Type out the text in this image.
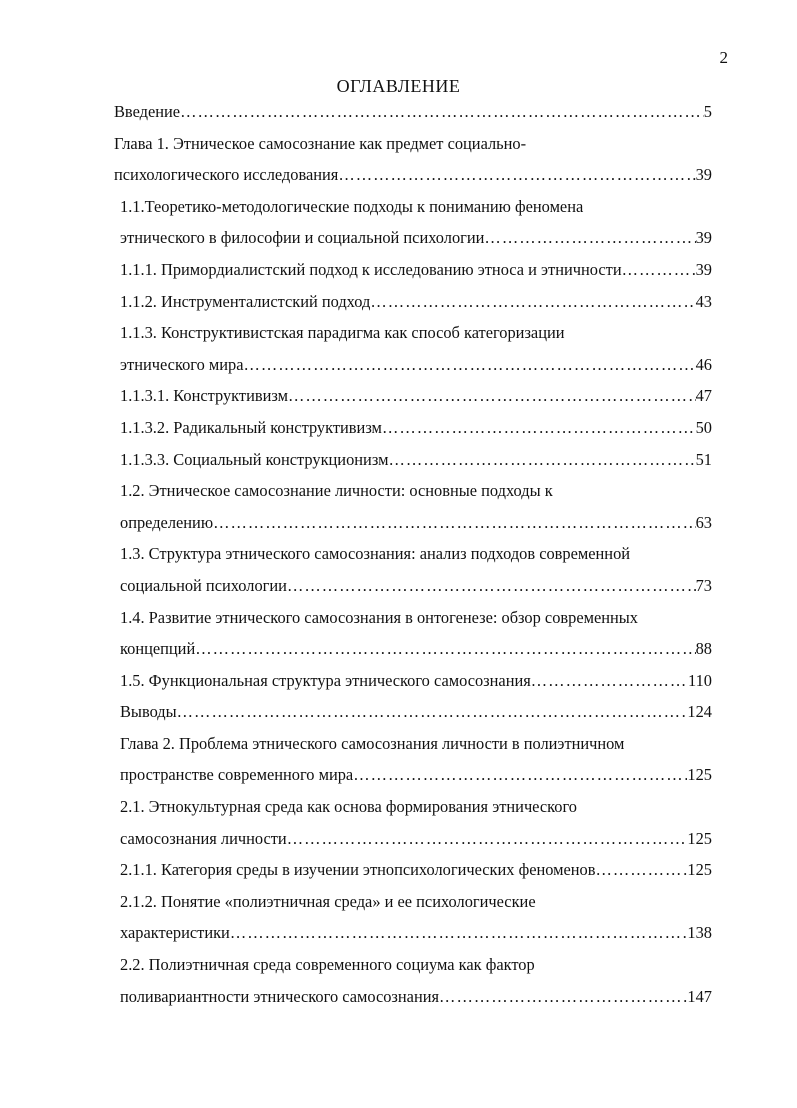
2
ОГЛАВЛЕНИЕ
Введение ……………………………………………………………………………………………………………………………………………………………………………	5
Глава 1. Этническое самосознание как предмет социально-
психологического исследования ……………………………………………………………………………………………………………………………………………………………………………	39
1.1.Теоретико-методологические подходы к пониманию феномена
этнического в философии и социальной психологии ……………………………………………………………………………………………………………………………………………………………………………	39
1.1.1. Примордиалистский подход к исследованию этноса и этничности ……………………………………………………………………………………………………………………………………………………………………………	39
1.1.2. Инструменталистский подход ……………………………………………………………………………………………………………………………………………………………………………	43
1.1.3. Конструктивистская парадигма как способ категоризации
этнического мира ……………………………………………………………………………………………………………………………………………………………………………	46
1.1.3.1. Конструктивизм ……………………………………………………………………………………………………………………………………………………………………………	47
1.1.3.2. Радикальный конструктивизм ……………………………………………………………………………………………………………………………………………………………………………	50
1.1.3.3. Социальный конструкционизм ……………………………………………………………………………………………………………………………………………………………………………	51
1.2. Этническое самосознание личности: основные подходы к
определению ……………………………………………………………………………………………………………………………………………………………………………	63
1.3. Структура этнического самосознания: анализ подходов современной
социальной психологии ……………………………………………………………………………………………………………………………………………………………………………	73
1.4. Развитие этнического самосознания в онтогенезе: обзор современных
концепций ……………………………………………………………………………………………………………………………………………………………………………	88
1.5. Функциональная структура этнического самосознания ……………………………………………………………………………………………………………………………………………………………………………	110
Выводы ……………………………………………………………………………………………………………………………………………………………………………	124
Глава 2. Проблема этнического самосознания личности в полиэтничном
пространстве современного мира ……………………………………………………………………………………………………………………………………………………………………………	125
2.1. Этнокультурная среда как основа формирования этнического
самосознания личности ……………………………………………………………………………………………………………………………………………………………………………	125
2.1.1. Категория среды в изучении этнопсихологических феноменов ……………………………………………………………………………………………………………………………………………………………………………	125
2.1.2. Понятие «полиэтничная среда» и ее психологические
характеристики ……………………………………………………………………………………………………………………………………………………………………………	138
2.2. Полиэтничная среда современного социума как фактор
поливариантности этнического самосознания ……………………………………………………………………………………………………………………………………………………………………………	147
